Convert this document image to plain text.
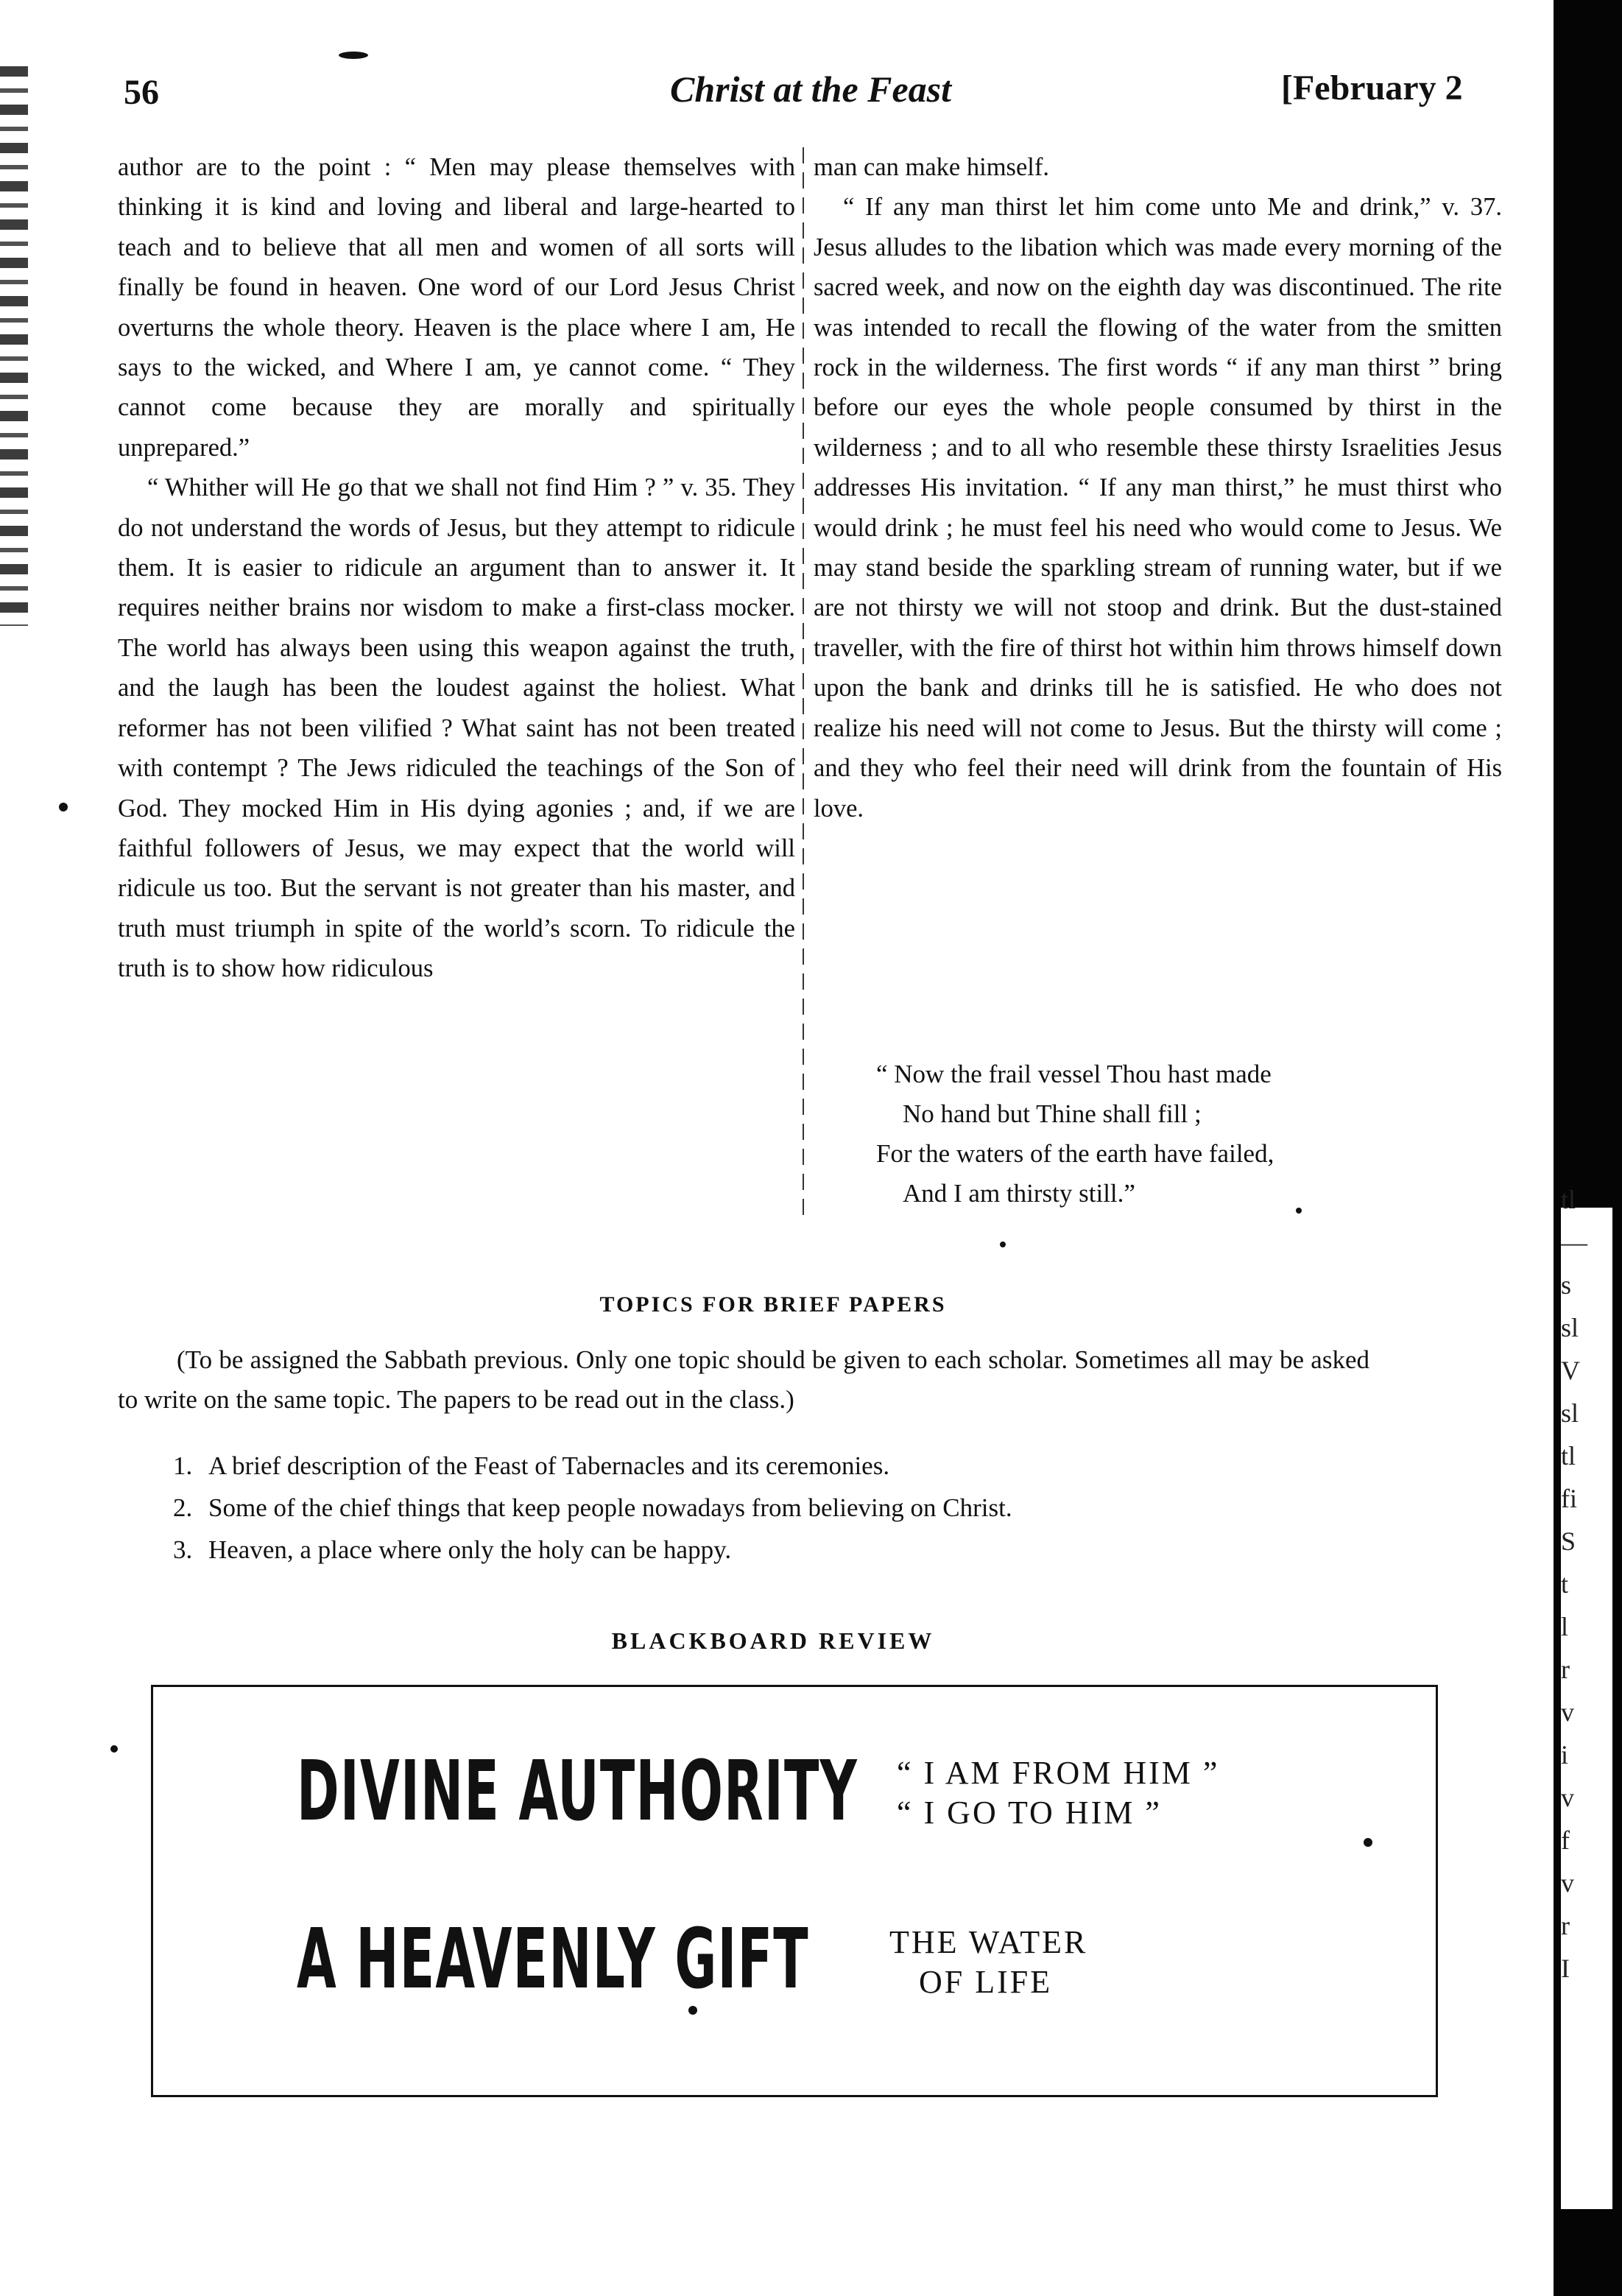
tl
—
s
sl
V
sl
tl
fi
S
t
l
r
v
i
v
f
v
r
I
56	Christ at the Feast	[February 2

author are to the point : “ Men may please themselves with thinking it is kind and loving and liberal and large-hearted to teach and to believe that all men and women of all sorts will finally be found in heaven. One word of our Lord Jesus Christ overturns the whole theory. Heaven is the place where I am, He says to the wicked, and Where I am, ye cannot come. “ They cannot come because they are morally and spiritually unprepared.”

“ Whither will He go that we shall not find Him ? ” v. 35. They do not understand the words of Jesus, but they attempt to ridicule them. It is easier to ridicule an argument than to answer it. It requires neither brains nor wisdom to make a first-class mocker. The world has always been using this weapon against the truth, and the laugh has been the loudest against the holiest. What reformer has not been vilified ? What saint has not been treated with contempt ? The Jews ridiculed the teachings of the Son of God. They mocked Him in His dying agonies ; and, if we are faithful followers of Jesus, we may expect that the world will ridicule us too. But the servant is not greater than his master, and truth must triumph in spite of the world’s scorn. To ridicule the truth is to show how ridiculous

man can make himself.

“ If any man thirst let him come unto Me and drink,” v. 37. Jesus alludes to the libation which was made every morning of the sacred week, and now on the eighth day was discontinued. The rite was intended to recall the flowing of the water from the smitten rock in the wilderness. The first words “ if any man thirst ” bring before our eyes the whole people consumed by thirst in the wilderness ; and to all who resemble these thirsty Israelities Jesus addresses His invitation. “ If any man thirst,” he must thirst who would drink ; he must feel his need who would come to Jesus. We may stand beside the sparkling stream of running water, but if we are not thirsty we will not stoop and drink. But the dust-stained traveller, with the fire of thirst hot within him throws himself down upon the bank and drinks till he is satisfied. He who does not realize his need will not come to Jesus. But the thirsty will come ; and they who feel their need will drink from the fountain of His love.

“ Now the frail vessel Thou hast made
No hand but Thine shall fill ;
For the waters of the earth have failed,
And I am thirsty still.”
TOPICS FOR BRIEF PAPERS
(To be assigned the Sabbath previous. Only one topic should be given to each scholar. Sometimes all may be asked to write on the same topic. The papers to be read out in the class.)
1. A brief description of the Feast of Tabernacles and its ceremonies.
2. Some of the chief things that keep people nowadays from believing on Christ.
3. Heaven, a place where only the holy can be happy.
BLACKBOARD REVIEW
DIVINE AUTHORITY “ I AM FROM HIM ”
“ I GO TO HIM ”
A HEAVENLY GIFT THE WATER
OF LIFE
